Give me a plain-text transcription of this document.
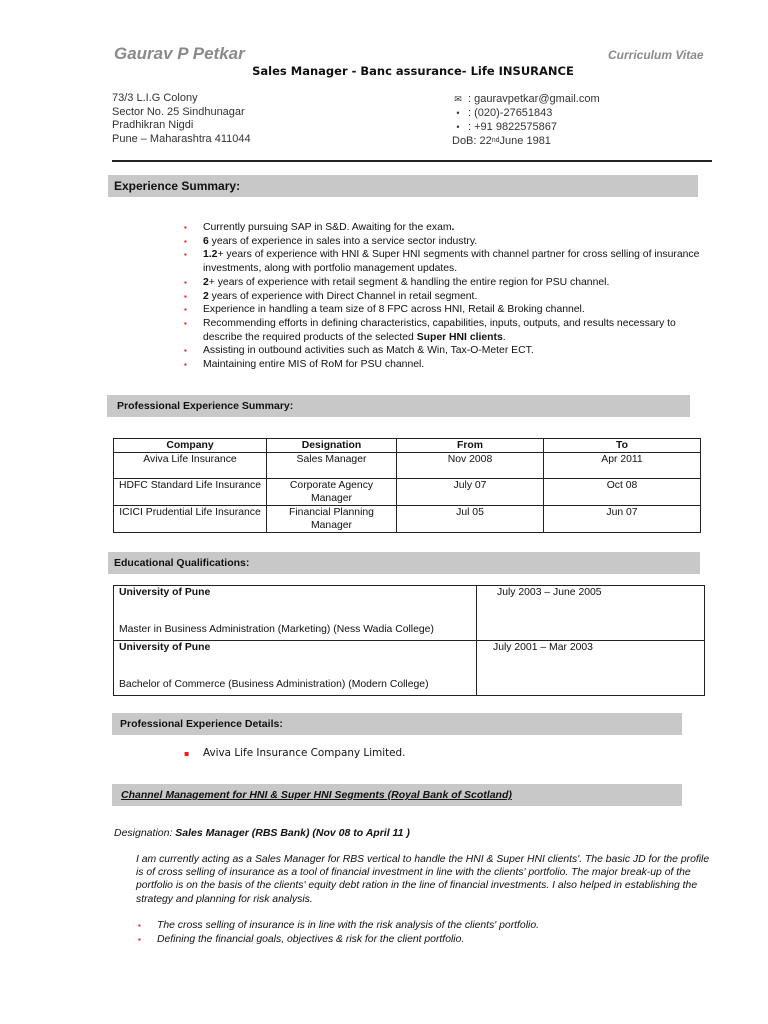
Gaurav P Petkar	Curriculum Vitae
Sales Manager - Banc assurance- Life INSURANCE
73/3 L.I.G Colony
Sector No. 25 Sindhunagar
Pradhikran Nigdi
Pune – Maharashtra 411044
✉ : gauravpetkar@gmail.com
• : (020)-27651843
• : +91 9822575867
DoB: 22 nd June 1981
Experience Summary:
▪ Currently pursuing SAP in S&D. Awaiting for the exam.
▪ 6 years of experience in sales into a service sector industry.
▪ 1.2+ years of experience with HNI & Super HNI segments with channel partner for cross selling of insurance investments, along with portfolio management updates.
▪ 2+ years of experience with retail segment & handling the entire region for PSU channel.
▪ 2 years of experience with Direct Channel in retail segment.
▪ Experience in handling a team size of 8 FPC across HNI, Retail & Broking channel.
▪ Recommending efforts in defining characteristics, capabilities, inputs, outputs, and results necessary to describe the required products of the selected Super HNI clients.
▪ Assisting in outbound activities such as Match & Win, Tax-O-Meter ECT.
▪ Maintaining entire MIS of RoM for PSU channel.
Professional Experience Summary:
Company	Designation	From	To
Aviva Life Insurance	Sales Manager	Nov 2008	Apr 2011
HDFC Standard Life Insurance	Corporate Agency Manager	July 07	Oct 08
ICICI Prudential Life Insurance	Financial Planning Manager	Jul 05	Jun 07
Educational Qualifications:
University of Pune
Master in Business Administration (Marketing) (Ness Wadia College)	July 2003 – June 2005

University of Pune
Bachelor of Commerce (Business Administration) (Modern College)	July 2001 – Mar 2003
Professional Experience Details:
▪ Aviva Life Insurance Company Limited.
Channel Management for HNI & Super HNI Segments (Royal Bank of Scotland)
Designation: Sales Manager (RBS Bank) (Nov 08 to April 11 )
I am currently acting as a Sales Manager for RBS vertical to handle the HNI & Super HNI clients'. The basic JD for the profile is of cross selling of insurance as a tool of financial investment in line with the clients' portfolio. The major break-up of the portfolio is on the basis of the clients' equity debt ration in the line of financial investments. I also helped in establishing the strategy and planning for risk analysis.
▪ The cross selling of insurance is in line with the risk analysis of the clients' portfolio.
▪ Defining the financial goals, objectives & risk for the client portfolio.
